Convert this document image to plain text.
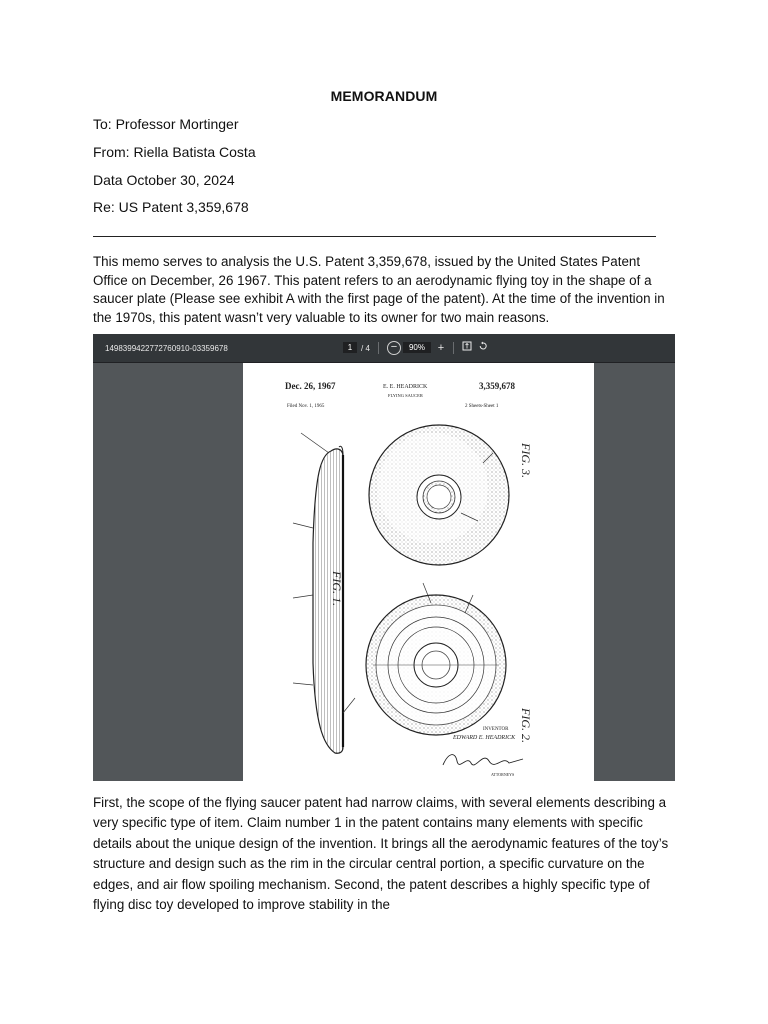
MEMORANDUM
To: Professor Mortinger
From: Riella Batista Costa
Data October 30, 2024
Re: US Patent 3,359,678

This memo serves to analysis the U.S. Patent 3,359,678, issued by the United States Patent Office on December, 26 1967. This patent refers to an aerodynamic flying toy in the shape of a saucer plate (Please see exhibit A with the first page of the patent). At the time of the invention in the 1970s, this patent wasn’t very valuable to its owner for two main reasons.

1498399422772760910-03359678	1	/ 4	−	90%	+
Dec. 26, 1967	E. E. HEADRICK	3,359,678
FLYING SAUCER
Filed Nov. 1, 1965	2 Sheets-Sheet 1
FIG. 1.
FIG. 3.
FIG. 2.
INVENTOR
EDWARD E. HEADRICK
ATTORNEYS

First, the scope of the flying saucer patent had narrow claims, with several elements describing a very specific type of item. Claim number 1 in the patent contains many elements with specific details about the unique design of the invention. It brings all the aerodynamic features of the toy’s structure and design such as the rim in the circular central portion, a specific curvature on the edges, and air flow spoiling mechanism. Second, the patent describes a highly specific type of flying disc toy developed to improve stability in the
